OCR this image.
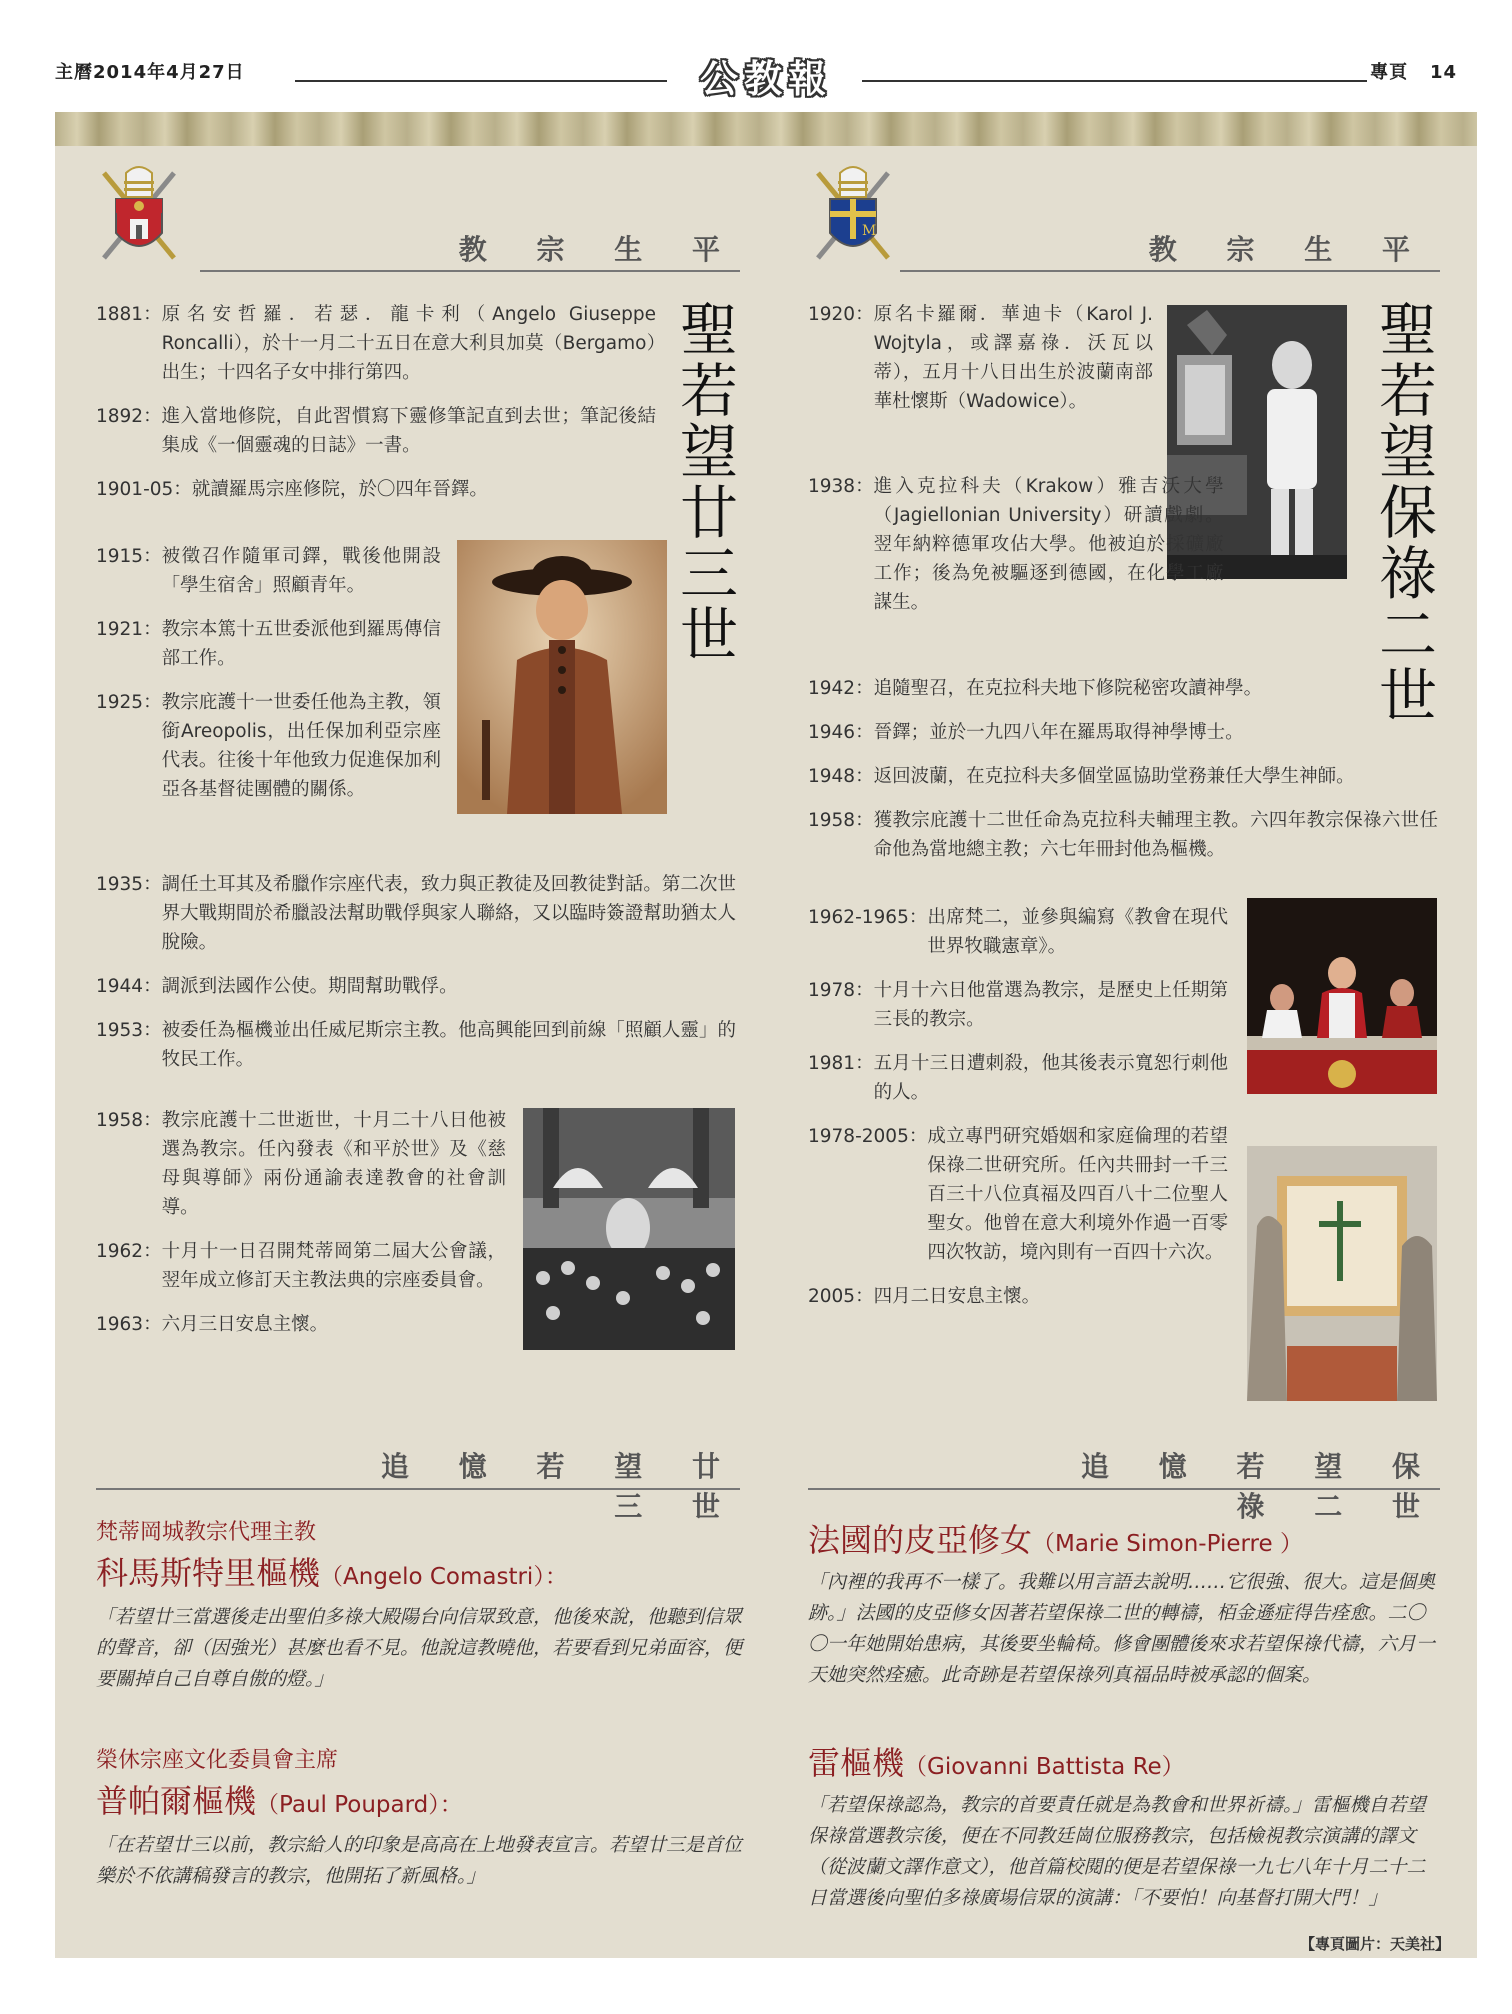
主曆2014年4月27日	公教報	專頁 14
教 宗 生 平
聖若望廿三世
1881： 原名安哲羅．若瑟．龍卡利（Angelo Giuseppe Roncalli），於十一月二十五日在意大利貝加莫（Bergamo）出生；十四名子女中排行第四。
1892： 進入當地修院，自此習慣寫下靈修筆記直到去世；筆記後結集成《一個靈魂的日誌》一書。
1901-05： 就讀羅馬宗座修院，於〇四年晉鐸。
1915： 被徵召作隨軍司鐸，戰後他開設「學生宿舍」照顧青年。
1921： 教宗本篤十五世委派他到羅馬傳信部工作。
1925： 教宗庇護十一世委任他為主教，領銜Areopolis，出任保加利亞宗座代表。往後十年他致力促進保加利亞各基督徒團體的關係。
1935： 調任土耳其及希臘作宗座代表，致力與正教徒及回教徒對話。第二次世界大戰期間於希臘設法幫助戰俘與家人聯絡，又以臨時簽證幫助猶太人脫險。
1944： 調派到法國作公使。期間幫助戰俘。
1953： 被委任為樞機並出任威尼斯宗主教。他高興能回到前線「照顧人靈」的牧民工作。
1958： 教宗庇護十二世逝世，十月二十八日他被選為教宗。任內發表《和平於世》及《慈母與導師》兩份通諭表達教會的社會訓導。
1962： 十月十一日召開梵蒂岡第二屆大公會議，翌年成立修訂天主教法典的宗座委員會。
1963： 六月三日安息主懷。
追 憶 若 望 廿 三 世
梵蒂岡城教宗代理主教
科馬斯特里樞機（Angelo Comastri）：
「若望廿三當選後走出聖伯多祿大殿陽台向信眾致意，他後來說，他聽到信眾的聲音，卻（因強光）甚麼也看不見。他說這教曉他，若要看到兄弟面容，便要關掉自己自尊自傲的燈。」
榮休宗座文化委員會主席
普帕爾樞機（Paul Poupard）：
「在若望廿三以前，教宗給人的印象是高高在上地發表宣言。若望廿三是首位樂於不依講稿發言的教宗，他開拓了新風格。」
M
教 宗 生 平
聖若望保祿二世
1920： 原名卡羅爾．華迪卡（Karol J. Wojtyla，或譯嘉祿．沃瓦以蒂），五月十八日出生於波蘭南部華杜懷斯（Wadowice）。
1938： 進入克拉科夫（Krakow）雅吉沃大學（Jagiellonian University）研讀戲劇。翌年納粹德軍攻佔大學。他被迫於採礦廠工作；後為免被驅逐到德國，在化學工廠謀生。
1942： 追隨聖召，在克拉科夫地下修院秘密攻讀神學。
1946： 晉鐸；並於一九四八年在羅馬取得神學博士。
1948： 返回波蘭，在克拉科夫多個堂區協助堂務兼任大學生神師。
1958： 獲教宗庇護十二世任命為克拉科夫輔理主教。六四年教宗保祿六世任命他為當地總主教；六七年冊封他為樞機。
1962-1965： 出席梵二，並參與編寫《教會在現代世界牧職憲章》。
1978： 十月十六日他當選為教宗，是歷史上任期第三長的教宗。
1981： 五月十三日遭刺殺，他其後表示寬恕行刺他的人。
1978-2005： 成立專門研究婚姻和家庭倫理的若望保祿二世研究所。任內共冊封一千三百三十八位真福及四百八十二位聖人聖女。他曾在意大利境外作過一百零四次牧訪，境內則有一百四十六次。
2005： 四月二日安息主懷。
追 憶 若 望 保 祿 二 世
法國的皮亞修女（Marie Simon-Pierre ）
「內裡的我再不一樣了。我難以用言語去說明……它很強、很大。這是個奧跡。」法國的皮亞修女因著若望保祿二世的轉禱，栢金遜症得告痊愈。二〇〇一年她開始患病，其後要坐輪椅。修會團體後來求若望保祿代禱，六月一天她突然痊癒。此奇跡是若望保祿列真福品時被承認的個案。
雷樞機（Giovanni Battista Re）
「若望保祿認為，教宗的首要責任就是為教會和世界祈禱。」雷樞機自若望保祿當選教宗後，便在不同教廷崗位服務教宗，包括檢視教宗演講的譯文（從波蘭文譯作意文），他首篇校閱的便是若望保祿一九七八年十月二十二日當選後向聖伯多祿廣場信眾的演講：「不要怕！向基督打開大門！」
【專頁圖片：天美社】
